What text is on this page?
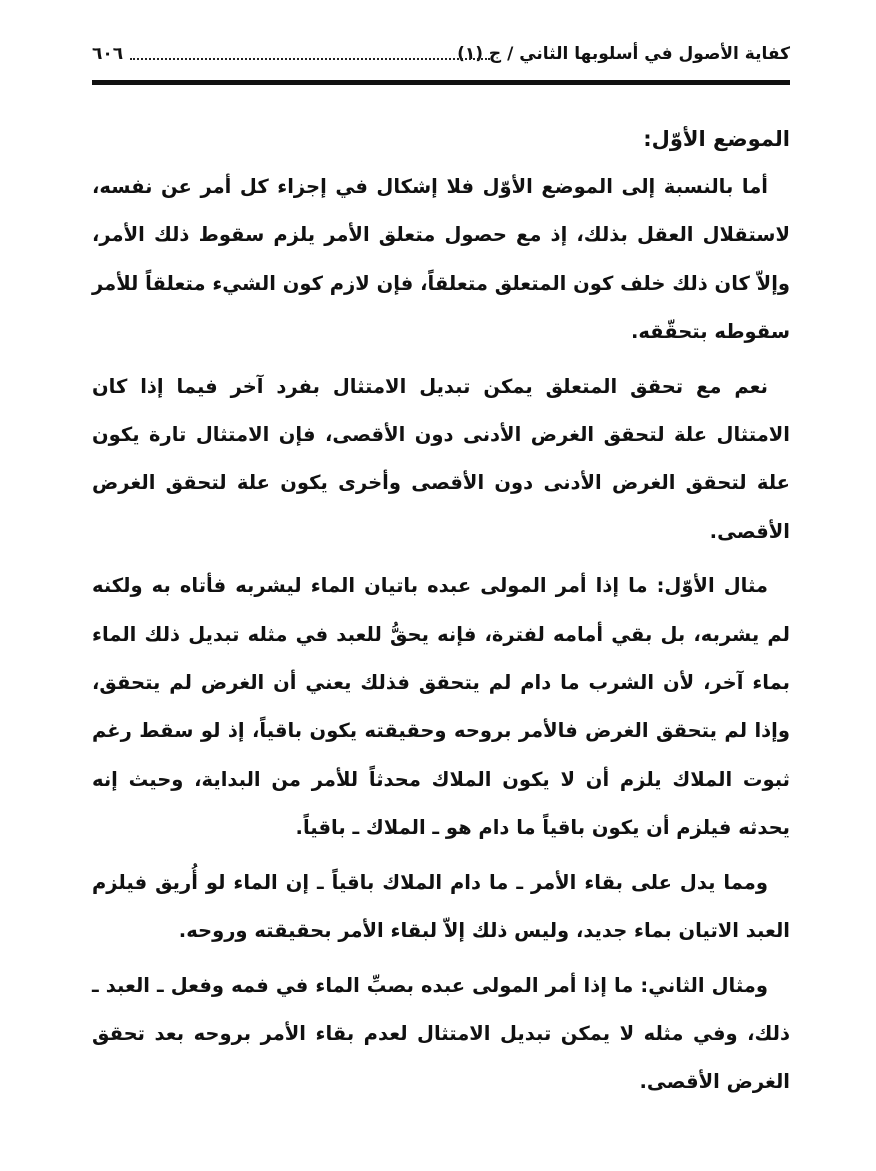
كفاية الأصول في أسلوبها الثاني / ج (١)
٦٠٦
الموضع الأوّل:

أما بالنسبة إلى الموضع الأوّل فلا إشكال في إجزاء كل أمر عن نفسه، لاستقلال العقل بذلك، إذ مع حصول متعلق الأمر يلزم سقوط ذلك الأمر، وإلاّ كان ذلك خلف كون المتعلق متعلقاً، فإن لازم كون الشيء متعلقاً للأمر سقوطه بتحقّقه.

نعم مع تحقق المتعلق يمكن تبديل الامتثال بفرد آخر فيما إذا كان الامتثال علة لتحقق الغرض الأدنى دون الأقصى، فإن الامتثال تارة يكون علة لتحقق الغرض الأدنى دون الأقصى وأخرى يكون علة لتحقق الغرض الأقصى.

مثال الأوّل: ما إذا أمر المولى عبده باتيان الماء ليشربه فأتاه به ولكنه لم يشربه، بل بقي أمامه لفترة، فإنه يحقُّ للعبد في مثله تبديل ذلك الماء بماء آخر، لأن الشرب ما دام لم يتحقق فذلك يعني أن الغرض لم يتحقق، وإذا لم يتحقق الغرض فالأمر بروحه وحقيقته يكون باقياً، إذ لو سقط رغم ثبوت الملاك يلزم أن لا يكون الملاك محدثاً للأمر من البداية، وحيث إنه يحدثه فيلزم أن يكون باقياً ما دام هو ـ الملاك ـ باقياً.

ومما يدل على بقاء الأمر ـ ما دام الملاك باقياً ـ إن الماء لو أُريق فيلزم العبد الاتيان بماء جديد، وليس ذلك إلاّ لبقاء الأمر بحقيقته وروحه.

ومثال الثاني: ما إذا أمر المولى عبده بصبِّ الماء في فمه وفعل ـ العبد ـ ذلك، وفي مثله لا يمكن تبديل الامتثال لعدم بقاء الأمر بروحه بعد تحقق الغرض الأقصى.
